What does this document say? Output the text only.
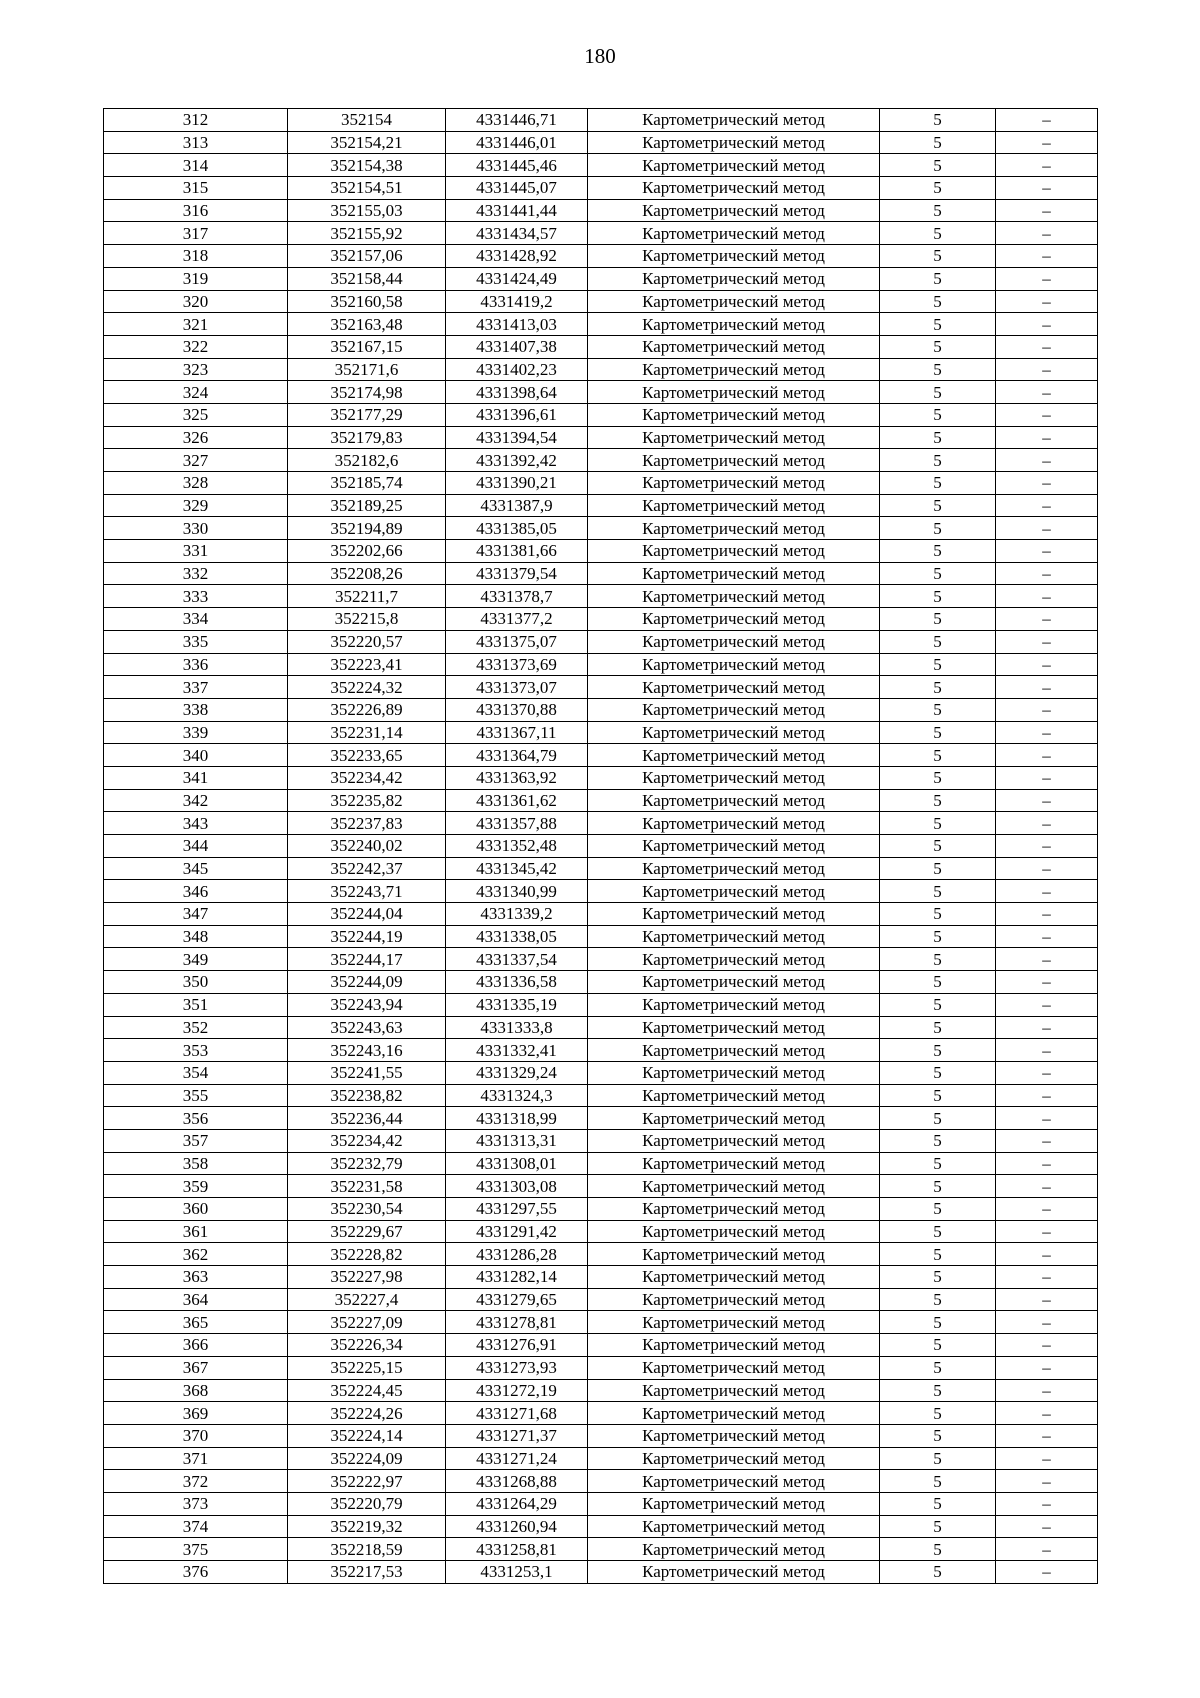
180
312	352154	4331446,71	Картометрический метод	5	–
313	352154,21	4331446,01	Картометрический метод	5	–
314	352154,38	4331445,46	Картометрический метод	5	–
315	352154,51	4331445,07	Картометрический метод	5	–
316	352155,03	4331441,44	Картометрический метод	5	–
317	352155,92	4331434,57	Картометрический метод	5	–
318	352157,06	4331428,92	Картометрический метод	5	–
319	352158,44	4331424,49	Картометрический метод	5	–
320	352160,58	4331419,2	Картометрический метод	5	–
321	352163,48	4331413,03	Картометрический метод	5	–
322	352167,15	4331407,38	Картометрический метод	5	–
323	352171,6	4331402,23	Картометрический метод	5	–
324	352174,98	4331398,64	Картометрический метод	5	–
325	352177,29	4331396,61	Картометрический метод	5	–
326	352179,83	4331394,54	Картометрический метод	5	–
327	352182,6	4331392,42	Картометрический метод	5	–
328	352185,74	4331390,21	Картометрический метод	5	–
329	352189,25	4331387,9	Картометрический метод	5	–
330	352194,89	4331385,05	Картометрический метод	5	–
331	352202,66	4331381,66	Картометрический метод	5	–
332	352208,26	4331379,54	Картометрический метод	5	–
333	352211,7	4331378,7	Картометрический метод	5	–
334	352215,8	4331377,2	Картометрический метод	5	–
335	352220,57	4331375,07	Картометрический метод	5	–
336	352223,41	4331373,69	Картометрический метод	5	–
337	352224,32	4331373,07	Картометрический метод	5	–
338	352226,89	4331370,88	Картометрический метод	5	–
339	352231,14	4331367,11	Картометрический метод	5	–
340	352233,65	4331364,79	Картометрический метод	5	–
341	352234,42	4331363,92	Картометрический метод	5	–
342	352235,82	4331361,62	Картометрический метод	5	–
343	352237,83	4331357,88	Картометрический метод	5	–
344	352240,02	4331352,48	Картометрический метод	5	–
345	352242,37	4331345,42	Картометрический метод	5	–
346	352243,71	4331340,99	Картометрический метод	5	–
347	352244,04	4331339,2	Картометрический метод	5	–
348	352244,19	4331338,05	Картометрический метод	5	–
349	352244,17	4331337,54	Картометрический метод	5	–
350	352244,09	4331336,58	Картометрический метод	5	–
351	352243,94	4331335,19	Картометрический метод	5	–
352	352243,63	4331333,8	Картометрический метод	5	–
353	352243,16	4331332,41	Картометрический метод	5	–
354	352241,55	4331329,24	Картометрический метод	5	–
355	352238,82	4331324,3	Картометрический метод	5	–
356	352236,44	4331318,99	Картометрический метод	5	–
357	352234,42	4331313,31	Картометрический метод	5	–
358	352232,79	4331308,01	Картометрический метод	5	–
359	352231,58	4331303,08	Картометрический метод	5	–
360	352230,54	4331297,55	Картометрический метод	5	–
361	352229,67	4331291,42	Картометрический метод	5	–
362	352228,82	4331286,28	Картометрический метод	5	–
363	352227,98	4331282,14	Картометрический метод	5	–
364	352227,4	4331279,65	Картометрический метод	5	–
365	352227,09	4331278,81	Картометрический метод	5	–
366	352226,34	4331276,91	Картометрический метод	5	–
367	352225,15	4331273,93	Картометрический метод	5	–
368	352224,45	4331272,19	Картометрический метод	5	–
369	352224,26	4331271,68	Картометрический метод	5	–
370	352224,14	4331271,37	Картометрический метод	5	–
371	352224,09	4331271,24	Картометрический метод	5	–
372	352222,97	4331268,88	Картометрический метод	5	–
373	352220,79	4331264,29	Картометрический метод	5	–
374	352219,32	4331260,94	Картометрический метод	5	–
375	352218,59	4331258,81	Картометрический метод	5	–
376	352217,53	4331253,1	Картометрический метод	5	–
